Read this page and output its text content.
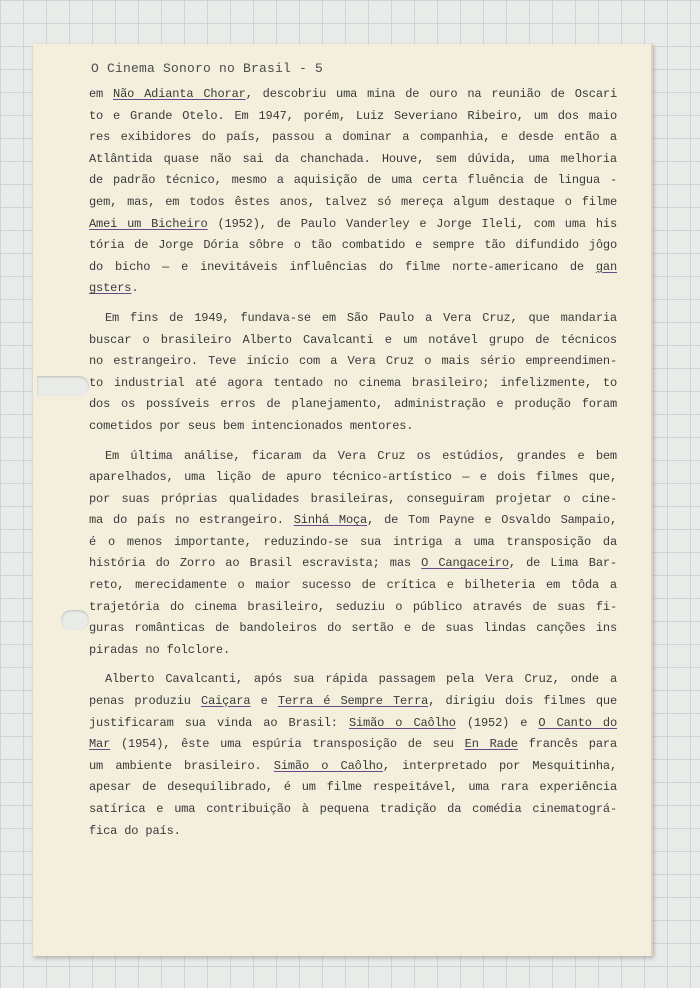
O Cinema Sonoro no Brasil - 5
em Não Adianta Chorar, descobriu uma mina de ouro na reunião de Oscari
to e Grande Otelo. Em 1947, porém, Luiz Severiano Ribeiro, um dos maio
res exibidores do país, passou a dominar a companhia, e desde então a
Atlântida quase não sai da chanchada. Houve, sem dúvida, uma melhoria
de padrão técnico, mesmo a aquisição de uma certa fluência de lingua -
gem, mas, em todos êstes anos, talvez só mereça algum destaque o filme
Amei um Bicheiro (1952), de Paulo Vanderley e Jorge Ileli, com uma his
tória de Jorge Dória sôbre o tão combatido e sempre tão difundido jôgo
do bicho — e inevitáveis influências do filme norte-americano de gan
gsters.
Em fins de 1949, fundava-se em São Paulo a Vera Cruz, que mandaria
buscar o brasileiro Alberto Cavalcanti e um notável grupo de técnicos
no estrangeiro. Teve início com a Vera Cruz o mais sério empreendimen-
to industrial até agora tentado no cinema brasileiro; infelizmente, to
dos os possíveis erros de planejamento, administração e produção foram
cometidos por seus bem intencionados mentores.
Em última análise, ficaram da Vera Cruz os estúdios, grandes e bem
aparelhados, uma lição de apuro técnico-artístico — e dois filmes que,
por suas próprias qualidades brasileiras, conseguiram projetar o cine-
ma do país no estrangeiro. Sinhá Moça, de Tom Payne e Osvaldo Sampaio,
é o menos importante, reduzindo-se sua intriga a uma transposição da
história do Zorro ao Brasil escravista; mas O Cangaceiro, de Lima Bar-
reto, merecidamente o maior sucesso de crítica e bilheteria em tôda a
trajetória do cinema brasileiro, seduziu o público através de suas fi-
guras românticas de bandoleiros do sertão e de suas lindas canções ins
piradas no folclore.
Alberto Cavalcanti, após sua rápida passagem pela Vera Cruz, onde a
penas produziu Caiçara e Terra é Sempre Terra, dirigiu dois filmes que
justificaram sua vinda ao Brasil: Simão o Caôlho (1952) e O Canto do
Mar (1954), êste uma espúria transposição de seu En Rade francês para
um ambiente brasileiro. Simão o Caôlho, interpretado por Mesquitinha,
apesar de desequilibrado, é um filme respeitável, uma rara experiência
satírica e uma contribuição à pequena tradição da comédia cinematográ-
fica do país.
